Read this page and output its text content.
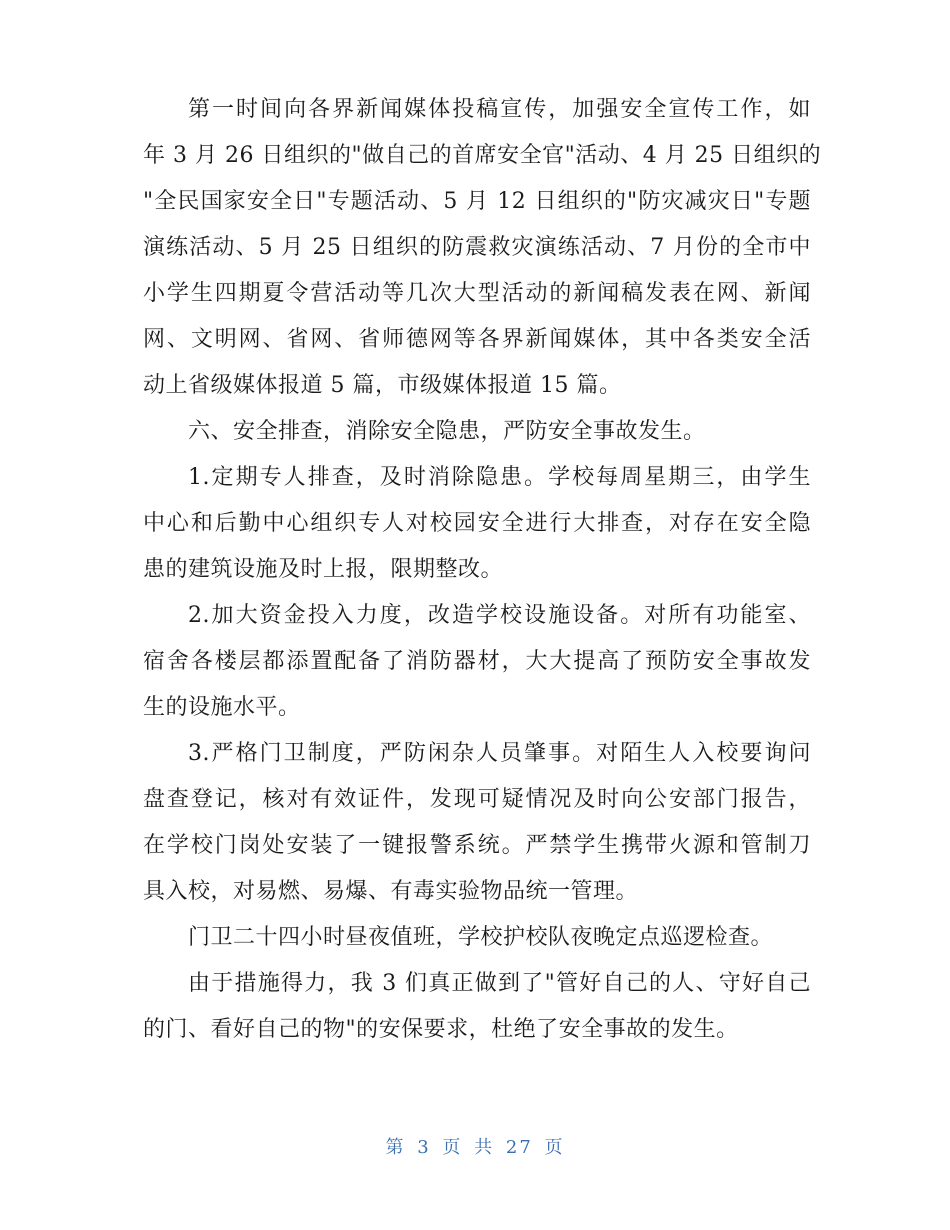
第一时间向各界新闻媒体投稿宣传，加强安全宣传工作，如
年 3 月 26 日组织的"做自己的首席安全官"活动、4 月 25 日组织的
"全民国家安全日"专题活动、5 月 12 日组织的"防灾减灾日"专题
演练活动、5 月 25 日组织的防震救灾演练活动、7 月份的全市中
小学生四期夏令营活动等几次大型活动的新闻稿发表在网、新闻
网、文明网、省网、省师德网等各界新闻媒体，其中各类安全活
动上省级媒体报道 5 篇，市级媒体报道 15 篇。
六、安全排查，消除安全隐患，严防安全事故发生。
1.定期专人排查，及时消除隐患。学校每周星期三，由学生
中心和后勤中心组织专人对校园安全进行大排查，对存在安全隐
患的建筑设施及时上报，限期整改。
2.加大资金投入力度，改造学校设施设备。对所有功能室、
宿舍各楼层都添置配备了消防器材，大大提高了预防安全事故发
生的设施水平。
3.严格门卫制度，严防闲杂人员肇事。对陌生人入校要询问
盘查登记，核对有效证件，发现可疑情况及时向公安部门报告，
在学校门岗处安装了一键报警系统。严禁学生携带火源和管制刀
具入校，对易燃、易爆、有毒实验物品统一管理。
门卫二十四小时昼夜值班，学校护校队夜晚定点巡逻检查。
由于措施得力，我 3 们真正做到了"管好自己的人、守好自己
的门、看好自己的物"的安保要求，杜绝了安全事故的发生。
第 3 页 共 27 页
